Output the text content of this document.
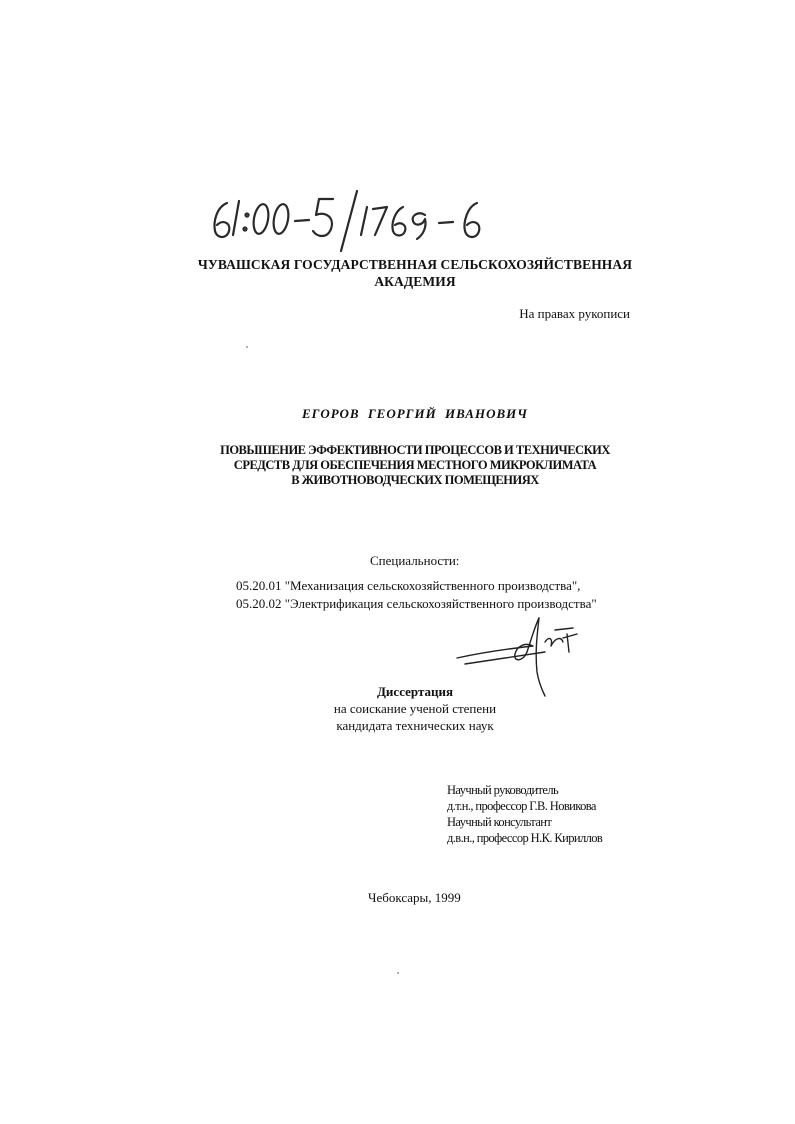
ЧУВАШСКАЯ ГОСУДАРСТВЕННАЯ СЕЛЬСКОХОЗЯЙСТВЕННАЯ
АКАДЕМИЯ
На правах рукописи
ЕГОРОВ ГЕОРГИЙ ИВАНОВИЧ
ПОВЫШЕНИЕ ЭФФЕКТИВНОСТИ ПРОЦЕССОВ И ТЕХНИЧЕСКИХ
СРЕДСТВ ДЛЯ ОБЕСПЕЧЕНИЯ МЕСТНОГО МИКРОКЛИМАТА
В ЖИВОТНОВОДЧЕСКИХ ПОМЕЩЕНИЯХ
Специальности:
05.20.01 "Механизация сельскохозяйственного производства",
05.20.02 "Электрификация сельскохозяйственного производства"
Диссертация
на соискание ученой степени
кандидата технических наук
Научный руководитель
д.т.н., профессор Г.В. Новикова
Научный консультант
д.в.н., профессор Н.К. Кириллов
Чебоксары, 1999
